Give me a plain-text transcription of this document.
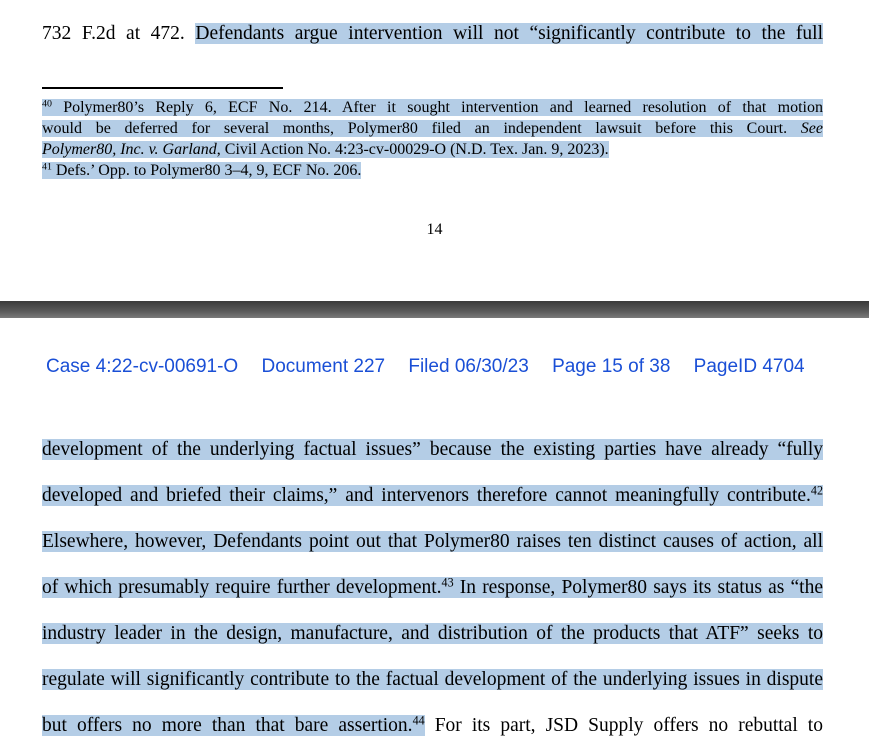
732 F.2d at 472. Defendants argue intervention will not “significantly contribute to the full
$^{40}$ Polymer80’s Reply 6, ECF No. 214. After it sought intervention and learned resolution of that motion
would be deferred for several months, Polymer80 filed an independent lawsuit before this Court. See
Polymer80, Inc. v. Garland, Civil Action No. 4:23-cv-00029-O (N.D. Tex. Jan. 9, 2023).
$^{41}$ Defs.’ Opp. to Polymer80 3–4, 9, ECF No. 206.
14
Case 4:22-cv-00691-O Document 227 Filed 06/30/23 Page 15 of 38 PageID 4704
development of the underlying factual issues” because the existing parties have already “fully
developed and briefed their claims,” and intervenors therefore cannot meaningfully contribute.$^{42}$
Elsewhere, however, Defendants point out that Polymer80 raises ten distinct causes of action, all
of which presumably require further development.$^{43}$ In response, Polymer80 says its status as “the
industry leader in the design, manufacture, and distribution of the products that ATF” seeks to
regulate will significantly contribute to the factual development of the underlying issues in dispute
but offers no more than that bare assertion.$^{44}$ For its part, JSD Supply offers no rebuttal to
